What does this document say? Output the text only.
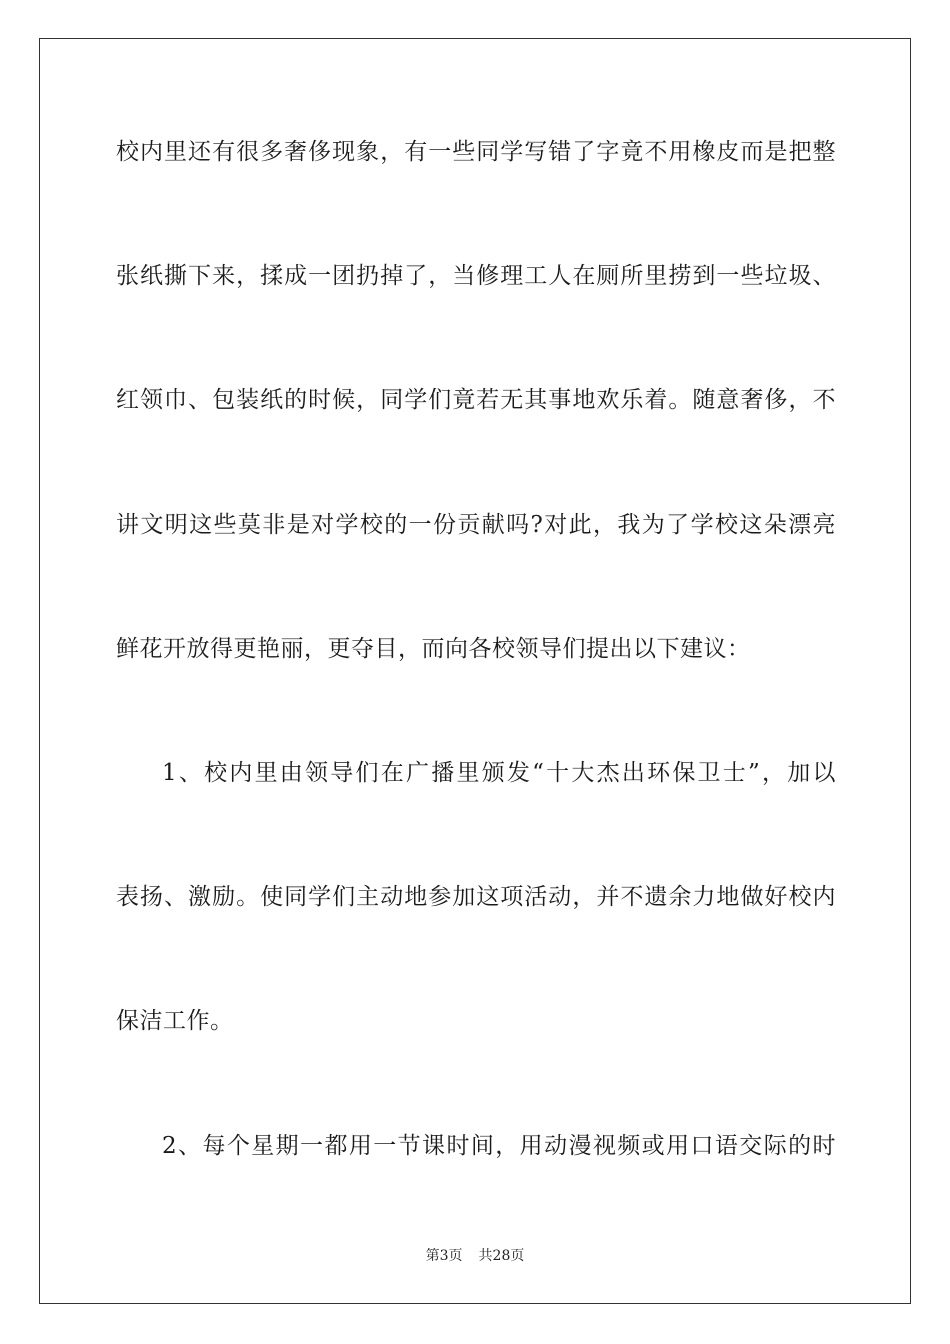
校内里还有很多奢侈现象，有一些同学写错了字竟不用橡皮而是把整
张纸撕下来，揉成一团扔掉了，当修理工人在厕所里捞到一些垃圾、
红领巾、包装纸的时候，同学们竟若无其事地欢乐着。随意奢侈，不
讲文明这些莫非是对学校的一份贡献吗?对此，我为了学校这朵漂亮
鲜花开放得更艳丽，更夺目，而向各校领导们提出以下建议：
1、校内里由领导们在广播里颁发“十大杰出环保卫士”，加以
表扬、激励。使同学们主动地参加这项活动，并不遗余力地做好校内
保洁工作。
2、每个星期一都用一节课时间，用动漫视频或用口语交际的时
第3页 共28页
